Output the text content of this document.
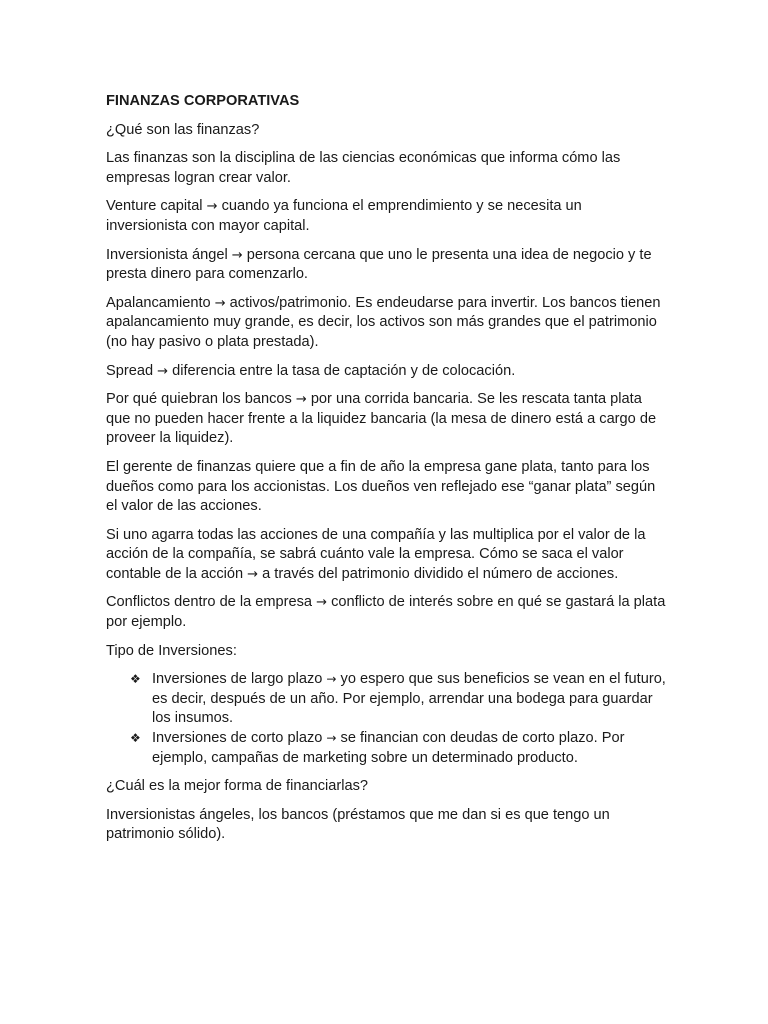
FINANZAS CORPORATIVAS

¿Qué son las finanzas?

Las finanzas son la disciplina de las ciencias económicas que informa cómo las empresas logran crear valor.

Venture capital → cuando ya funciona el emprendimiento y se necesita un inversionista con mayor capital.

Inversionista ángel → persona cercana que uno le presenta una idea de negocio y te presta dinero para comenzarlo.

Apalancamiento → activos/patrimonio. Es endeudarse para invertir. Los bancos tienen apalancamiento muy grande, es decir, los activos son más grandes que el patrimonio (no hay pasivo o plata prestada).

Spread → diferencia entre la tasa de captación y de colocación.

Por qué quiebran los bancos → por una corrida bancaria. Se les rescata tanta plata que no pueden hacer frente a la liquidez bancaria (la mesa de dinero está a cargo de proveer la liquidez).

El gerente de finanzas quiere que a fin de año la empresa gane plata, tanto para los dueños como para los accionistas. Los dueños ven reflejado ese “ganar plata” según el valor de las acciones.

Si uno agarra todas las acciones de una compañía y las multiplica por el valor de la acción de la compañía, se sabrá cuánto vale la empresa. Cómo se saca el valor contable de la acción → a través del patrimonio dividido el número de acciones.

Conflictos dentro de la empresa → conflicto de interés sobre en qué se gastará la plata por ejemplo.

Tipo de Inversiones:

❖ Inversiones de largo plazo → yo espero que sus beneficios se vean en el futuro, es decir, después de un año. Por ejemplo, arrendar una bodega para guardar los insumos.
❖ Inversiones de corto plazo → se financian con deudas de corto plazo. Por ejemplo, campañas de marketing sobre un determinado producto.

¿Cuál es la mejor forma de financiarlas?

Inversionistas ángeles, los bancos (préstamos que me dan si es que tengo un patrimonio sólido).
